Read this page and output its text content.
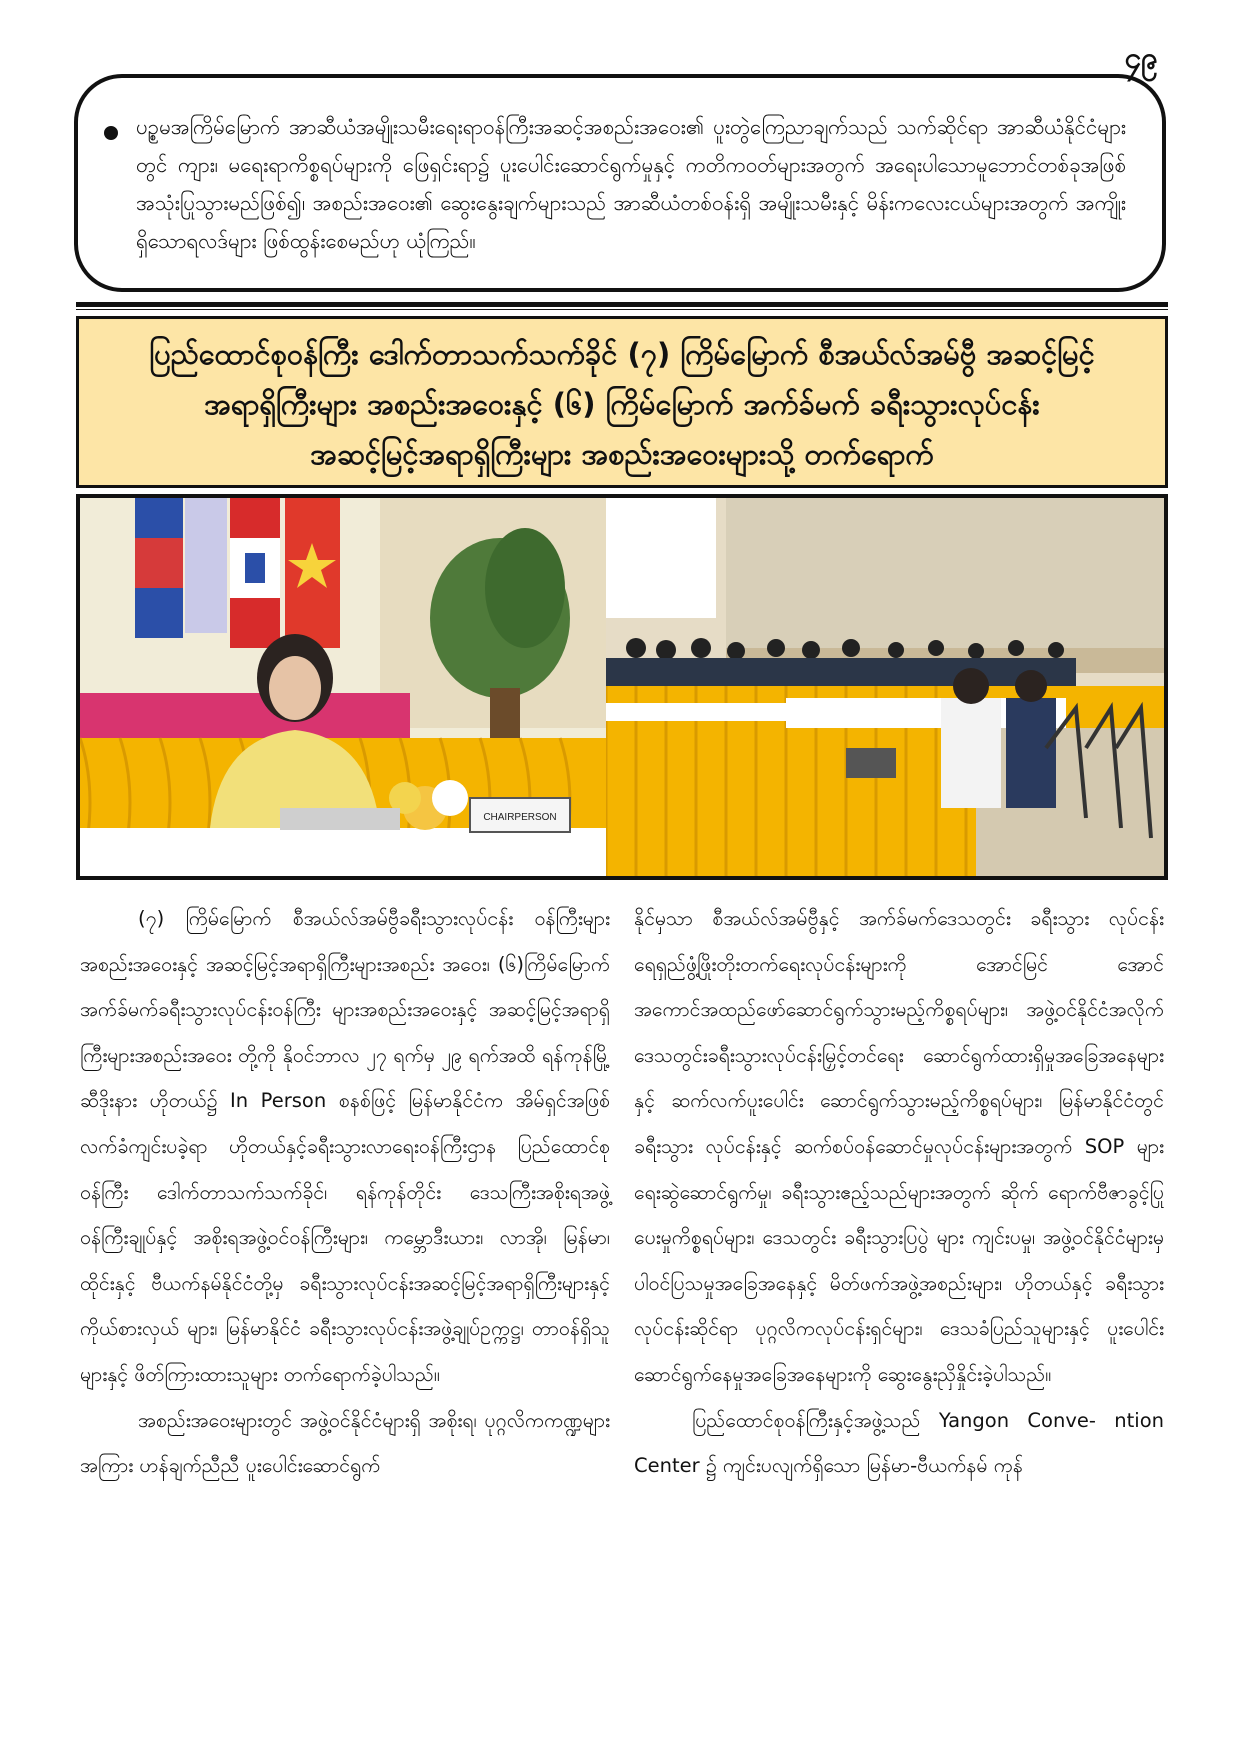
၄၉

ပဥ္စမအကြိမ်မြောက် အာဆီယံအမျိုးသမီးရေးရာဝန်ကြီးအဆင့်အစည်းအဝေး၏ ပူးတွဲကြေညာချက်သည် သက်ဆိုင်ရာ အာဆီယံနိုင်ငံများတွင် ကျား၊ မရေးရာကိစ္စရပ်များကို ဖြေရှင်းရာ၌ ပူးပေါင်းဆောင်ရွက်မှုနှင့် ကတိကဝတ်များအတွက် အရေးပါသောမူဘောင်တစ်ခုအဖြစ် အသုံးပြုသွားမည်ဖြစ်၍၊ အစည်းအဝေး၏ ဆွေးနွေးချက်များသည် အာဆီယံတစ်ဝန်းရှိ အမျိုးသမီးနှင့် မိန်းကလေးငယ်များအတွက် အကျိုးရှိသောရလဒ်များ ဖြစ်ထွန်းစေမည်ဟု ယုံကြည်။

ပြည်ထောင်စုဝန်ကြီး ဒေါက်တာသက်သက်ခိုင် (၇) ကြိမ်မြောက် စီအယ်လ်အမ်ဗွီ အဆင့်မြင့်

အရာရှိကြီးများ အစည်းအဝေးနှင့် (၆) ကြိမ်မြောက် အက်ခ်မက် ခရီးသွားလုပ်ငန်း

အဆင့်မြင့်အရာရှိကြီးများ အစည်းအဝေးများသို့ တက်ရောက်

CHAIRPERSON

(၇) ကြိမ်မြောက် စီအယ်လ်အမ်ဗွီခရီးသွားလုပ်ငန်း ဝန်ကြီးများအစည်းအဝေးနှင့် အဆင့်မြင့်အရာရှိကြီးများအစည်း အဝေး၊ (၆)ကြိမ်မြောက် အက်ခ်မက်ခရီးသွားလုပ်ငန်းဝန်ကြီး များအစည်းအဝေးနှင့် အဆင့်မြင့်အရာရှိကြီးများအစည်းအဝေး တို့ကို နိုဝင်ဘာလ ၂၇ ရက်မှ ၂၉ ရက်အထိ ရန်ကုန်မြို့ ဆီဒိုးနား ဟိုတယ်၌ In Person စနစ်ဖြင့် မြန်မာနိုင်ငံက အိမ်ရှင်အဖြစ် လက်ခံကျင်းပခဲ့ရာ ဟိုတယ်နှင့်ခရီးသွားလာရေးဝန်ကြီးဌာန ပြည်ထောင်စုဝန်ကြီး ဒေါက်တာသက်သက်ခိုင်၊ ရန်ကုန်တိုင်း ဒေသကြီးအစိုးရအဖွဲ့ ဝန်ကြီးချုပ်နှင့် အစိုးရအဖွဲ့ဝင်ဝန်ကြီးများ၊ ကမ္ဘောဒီးယား၊ လာအို၊ မြန်မာ၊ ထိုင်းနှင့် ဗီယက်နမ်နိုင်ငံတို့မှ ခရီးသွားလုပ်ငန်းအဆင့်မြင့်အရာရှိကြီးများနှင့် ကိုယ်စားလှယ် များ၊ မြန်မာနိုင်ငံ ခရီးသွားလုပ်ငန်းအဖွဲ့ချုပ်ဥက္ကဋ္ဌ၊ တာဝန်ရှိသူ များနှင့် ဖိတ်ကြားထားသူများ တက်ရောက်ခဲ့ပါသည်။

အစည်းအဝေးများတွင် အဖွဲ့ဝင်နိုင်ငံများရှိ အစိုးရ၊ ပုဂ္ဂလိကကဏ္ဍများအကြား ဟန်ချက်ညီညီ ပူးပေါင်းဆောင်ရွက်

နိုင်မှသာ စီအယ်လ်အမ်ဗွီနှင့် အက်ခ်မက်ဒေသတွင်း ခရီးသွား လုပ်ငန်း ရေရှည်ဖွံ့ဖြိုးတိုးတက်ရေးလုပ်ငန်းများကို အောင်မြင် အောင် အကောင်အထည်ဖော်ဆောင်ရွက်သွားမည့်ကိစ္စရပ်များ၊ အဖွဲ့ဝင်နိုင်ငံအလိုက် ဒေသတွင်းခရီးသွားလုပ်ငန်းမြှင့်တင်ရေး ဆောင်ရွက်ထားရှိမှုအခြေအနေများနှင့် ဆက်လက်ပူးပေါင်း ဆောင်ရွက်သွားမည့်ကိစ္စရပ်များ၊ မြန်မာနိုင်ငံတွင် ခရီးသွား လုပ်ငန်းနှင့် ဆက်စပ်ဝန်ဆောင်မှုလုပ်ငန်းများအတွက် SOP များ ရေးဆွဲဆောင်ရွက်မှု၊ ခရီးသွားဧည့်သည်များအတွက် ဆိုက် ရောက်ဗီဇာခွင့်ပြုပေးမှုကိစ္စရပ်များ၊ ဒေသတွင်း ခရီးသွားပြပွဲ များ ကျင်းပမှု၊ အဖွဲ့ဝင်နိုင်ငံများမှ ပါဝင်ပြသမှုအခြေအနေနှင့် မိတ်ဖက်အဖွဲ့အစည်းများ၊ ဟိုတယ်နှင့် ခရီးသွားလုပ်ငန်းဆိုင်ရာ ပုဂ္ဂလိကလုပ်ငန်းရှင်များ၊ ဒေသခံပြည်သူများနှင့် ပူးပေါင်း ဆောင်ရွက်နေမှုအခြေအနေများကို ဆွေးနွေးညှိနှိုင်းခဲ့ပါသည်။

ပြည်ထောင်စုဝန်ကြီးနှင့်အဖွဲ့သည် Yangon Conve- ntion Center ၌ ကျင်းပလျက်ရှိသော မြန်မာ-ဗီယက်နမ် ကုန်
